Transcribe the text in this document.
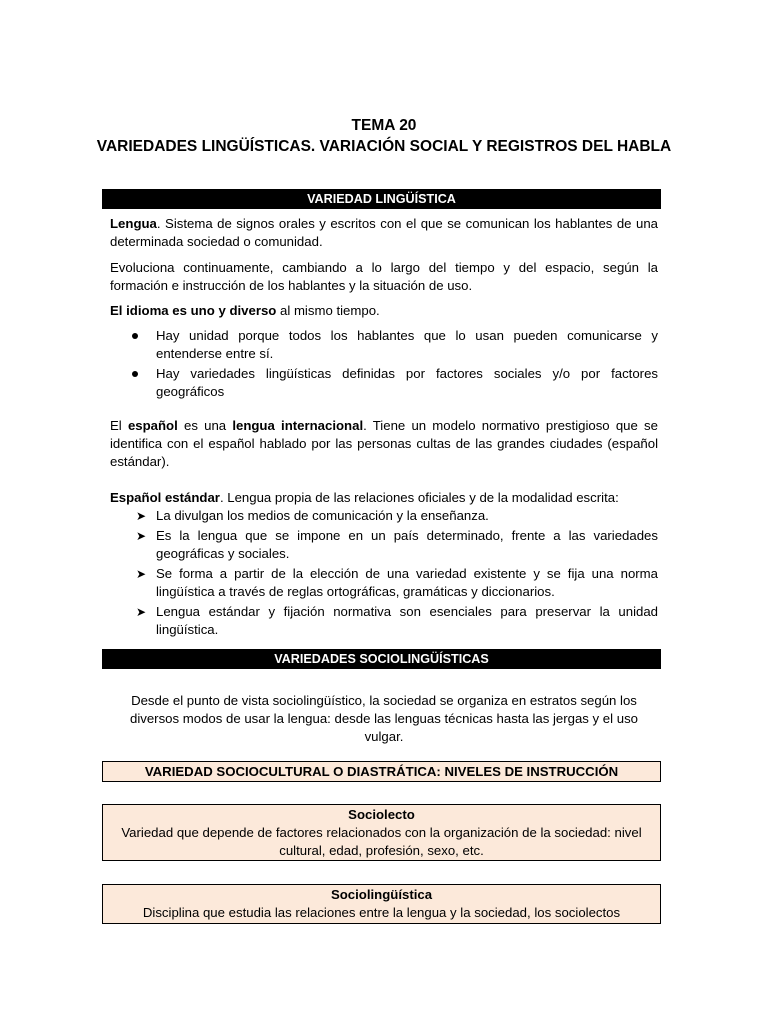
TEMA 20
VARIEDADES LINGÜÍSTICAS. VARIACIÓN SOCIAL Y REGISTROS DEL HABLA
VARIEDAD LINGÜÍSTICA
Lengua. Sistema de signos orales y escritos con el que se comunican los hablantes de una determinada sociedad o comunidad.
Evoluciona continuamente, cambiando a lo largo del tiempo y del espacio, según la formación e instrucción de los hablantes y la situación de uso.
El idioma es uno y diverso al mismo tiempo.
Hay unidad porque todos los hablantes que lo usan pueden comunicarse y entenderse entre sí.
Hay variedades lingüísticas definidas por factores sociales y/o por factores geográficos
El español es una lengua internacional. Tiene un modelo normativo prestigioso que se identifica con el español hablado por las personas cultas de las grandes ciudades (español estándar).
Español estándar. Lengua propia de las relaciones oficiales y de la modalidad escrita:
➤ La divulgan los medios de comunicación y la enseñanza.
➤ Es la lengua que se impone en un país determinado, frente a las variedades geográficas y sociales.
➤ Se forma a partir de la elección de una variedad existente y se fija una norma lingüística a través de reglas ortográficas, gramáticas y diccionarios.
➤ Lengua estándar y fijación normativa son esenciales para preservar la unidad lingüística.
VARIEDADES SOCIOLINGÜÍSTICAS
Desde el punto de vista sociolingüístico, la sociedad se organiza en estratos según los diversos modos de usar la lengua: desde las lenguas técnicas hasta las jergas y el uso vulgar.
VARIEDAD SOCIOCULTURAL O DIASTRÁTICA: NIVELES DE INSTRUCCIÓN
Sociolecto
Variedad que depende de factores relacionados con la organización de la sociedad: nivel cultural, edad, profesión, sexo, etc.
Sociolingüística
Disciplina que estudia las relaciones entre la lengua y la sociedad, los sociolectos
